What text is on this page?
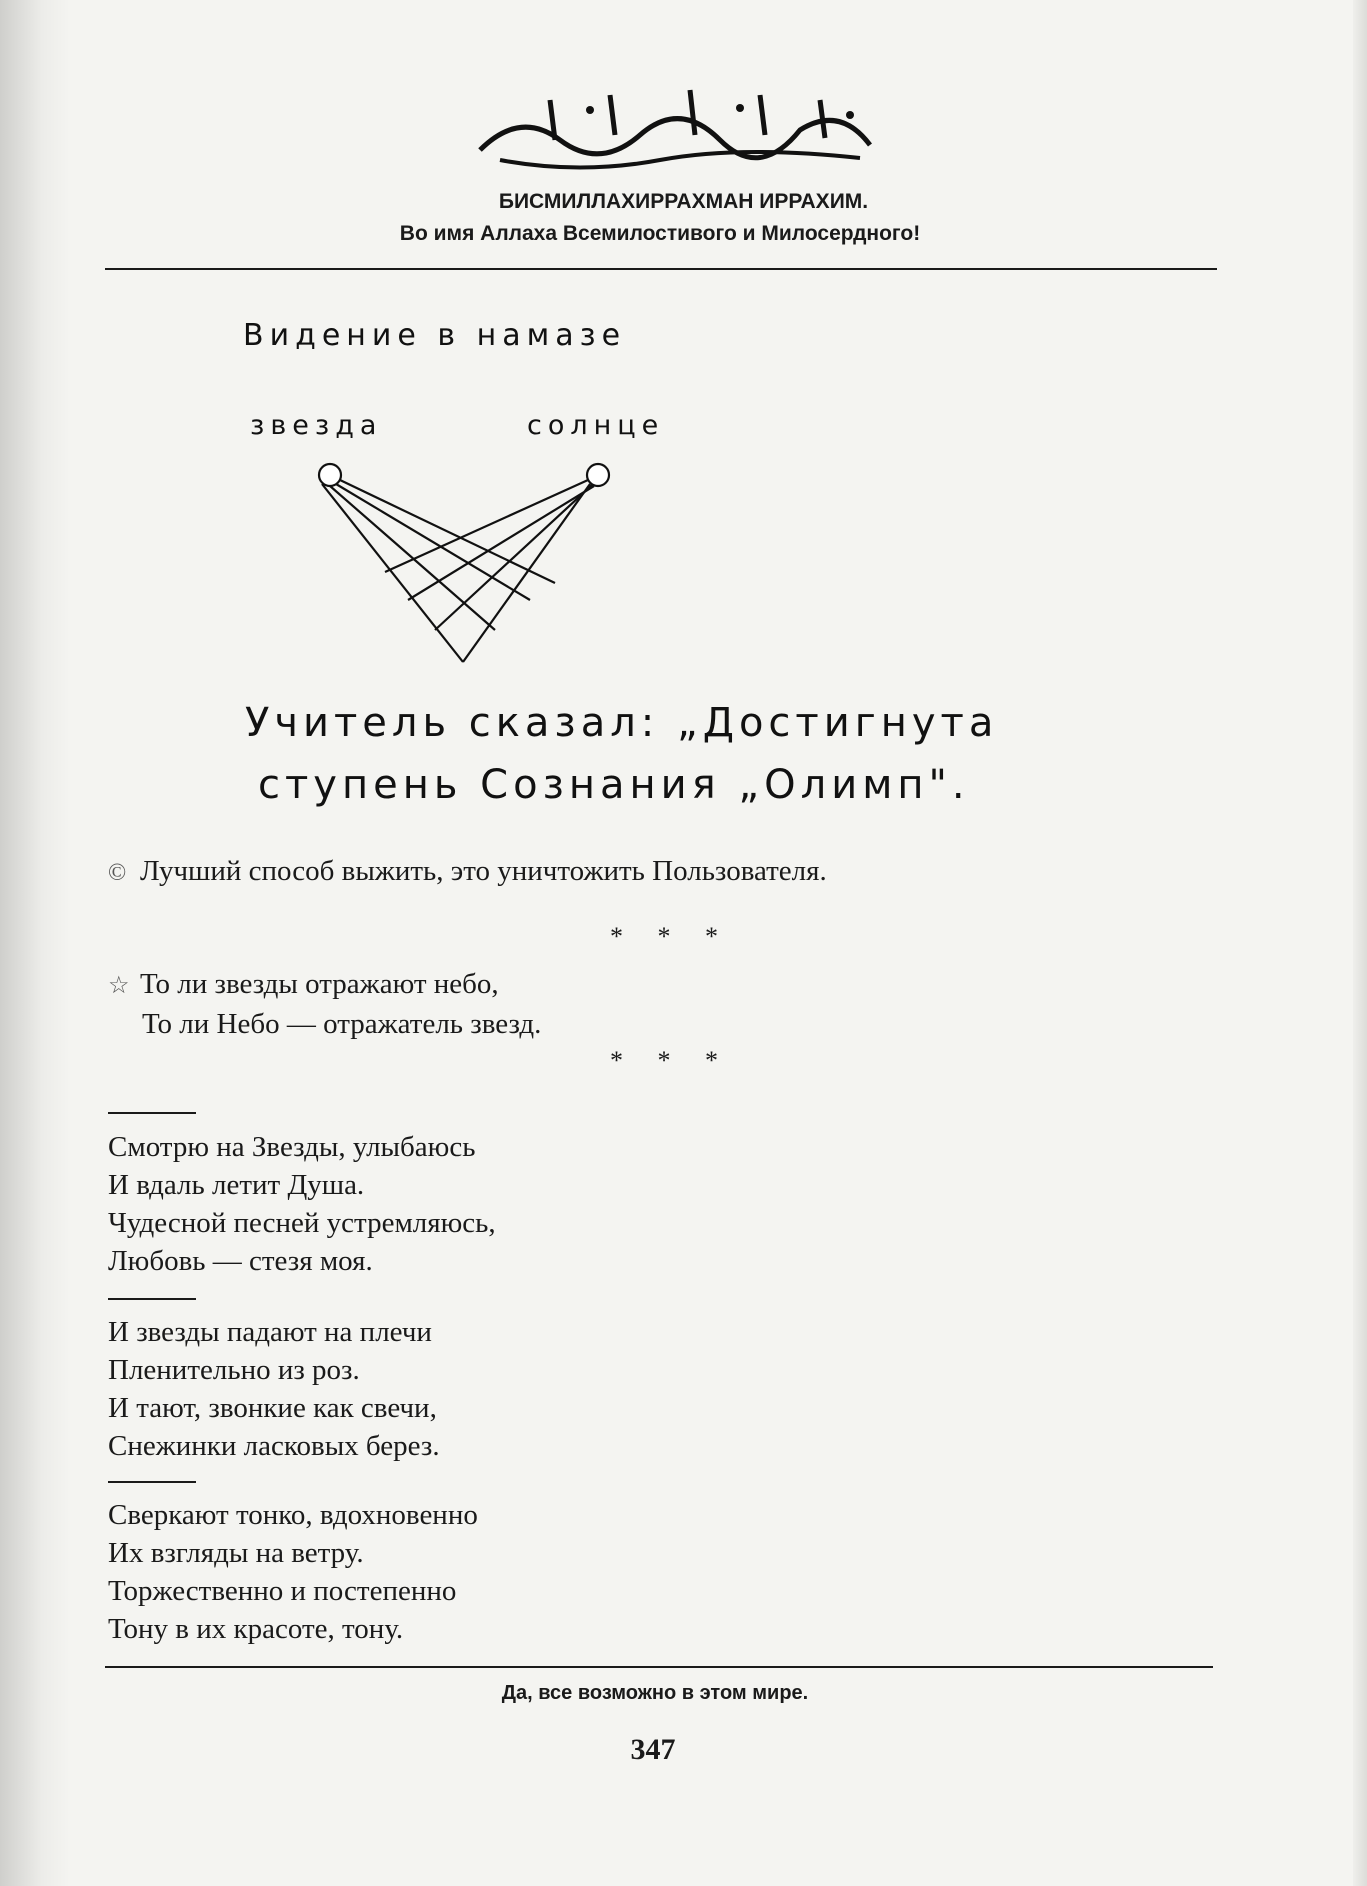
БИСМИЛЛАХИРРАХМАН ИРРАХИМ.
Во имя Аллаха Всемилостивого и Милосердного!
Видение в намазе
звезда	солнце
Учитель сказал: „Достигнута
ступень Сознания „Олимп".
© Лучший способ выжить, это уничтожить Пользователя.
* * *
☆ То ли звезды отражают небо,
То ли Небо — отражатель звезд.
* * *
Смотрю на Звезды, улыбаюсь
И вдаль летит Душа.
Чудесной песней устремляюсь,
Любовь — стезя моя.
И звезды падают на плечи
Пленительно из роз.
И тают, звонкие как свечи,
Снежинки ласковых берез.
Сверкают тонко, вдохновенно
Их взгляды на ветру.
Торжественно и постепенно
Тону в их красоте, тону.
Да, все возможно в этом мире.
347
